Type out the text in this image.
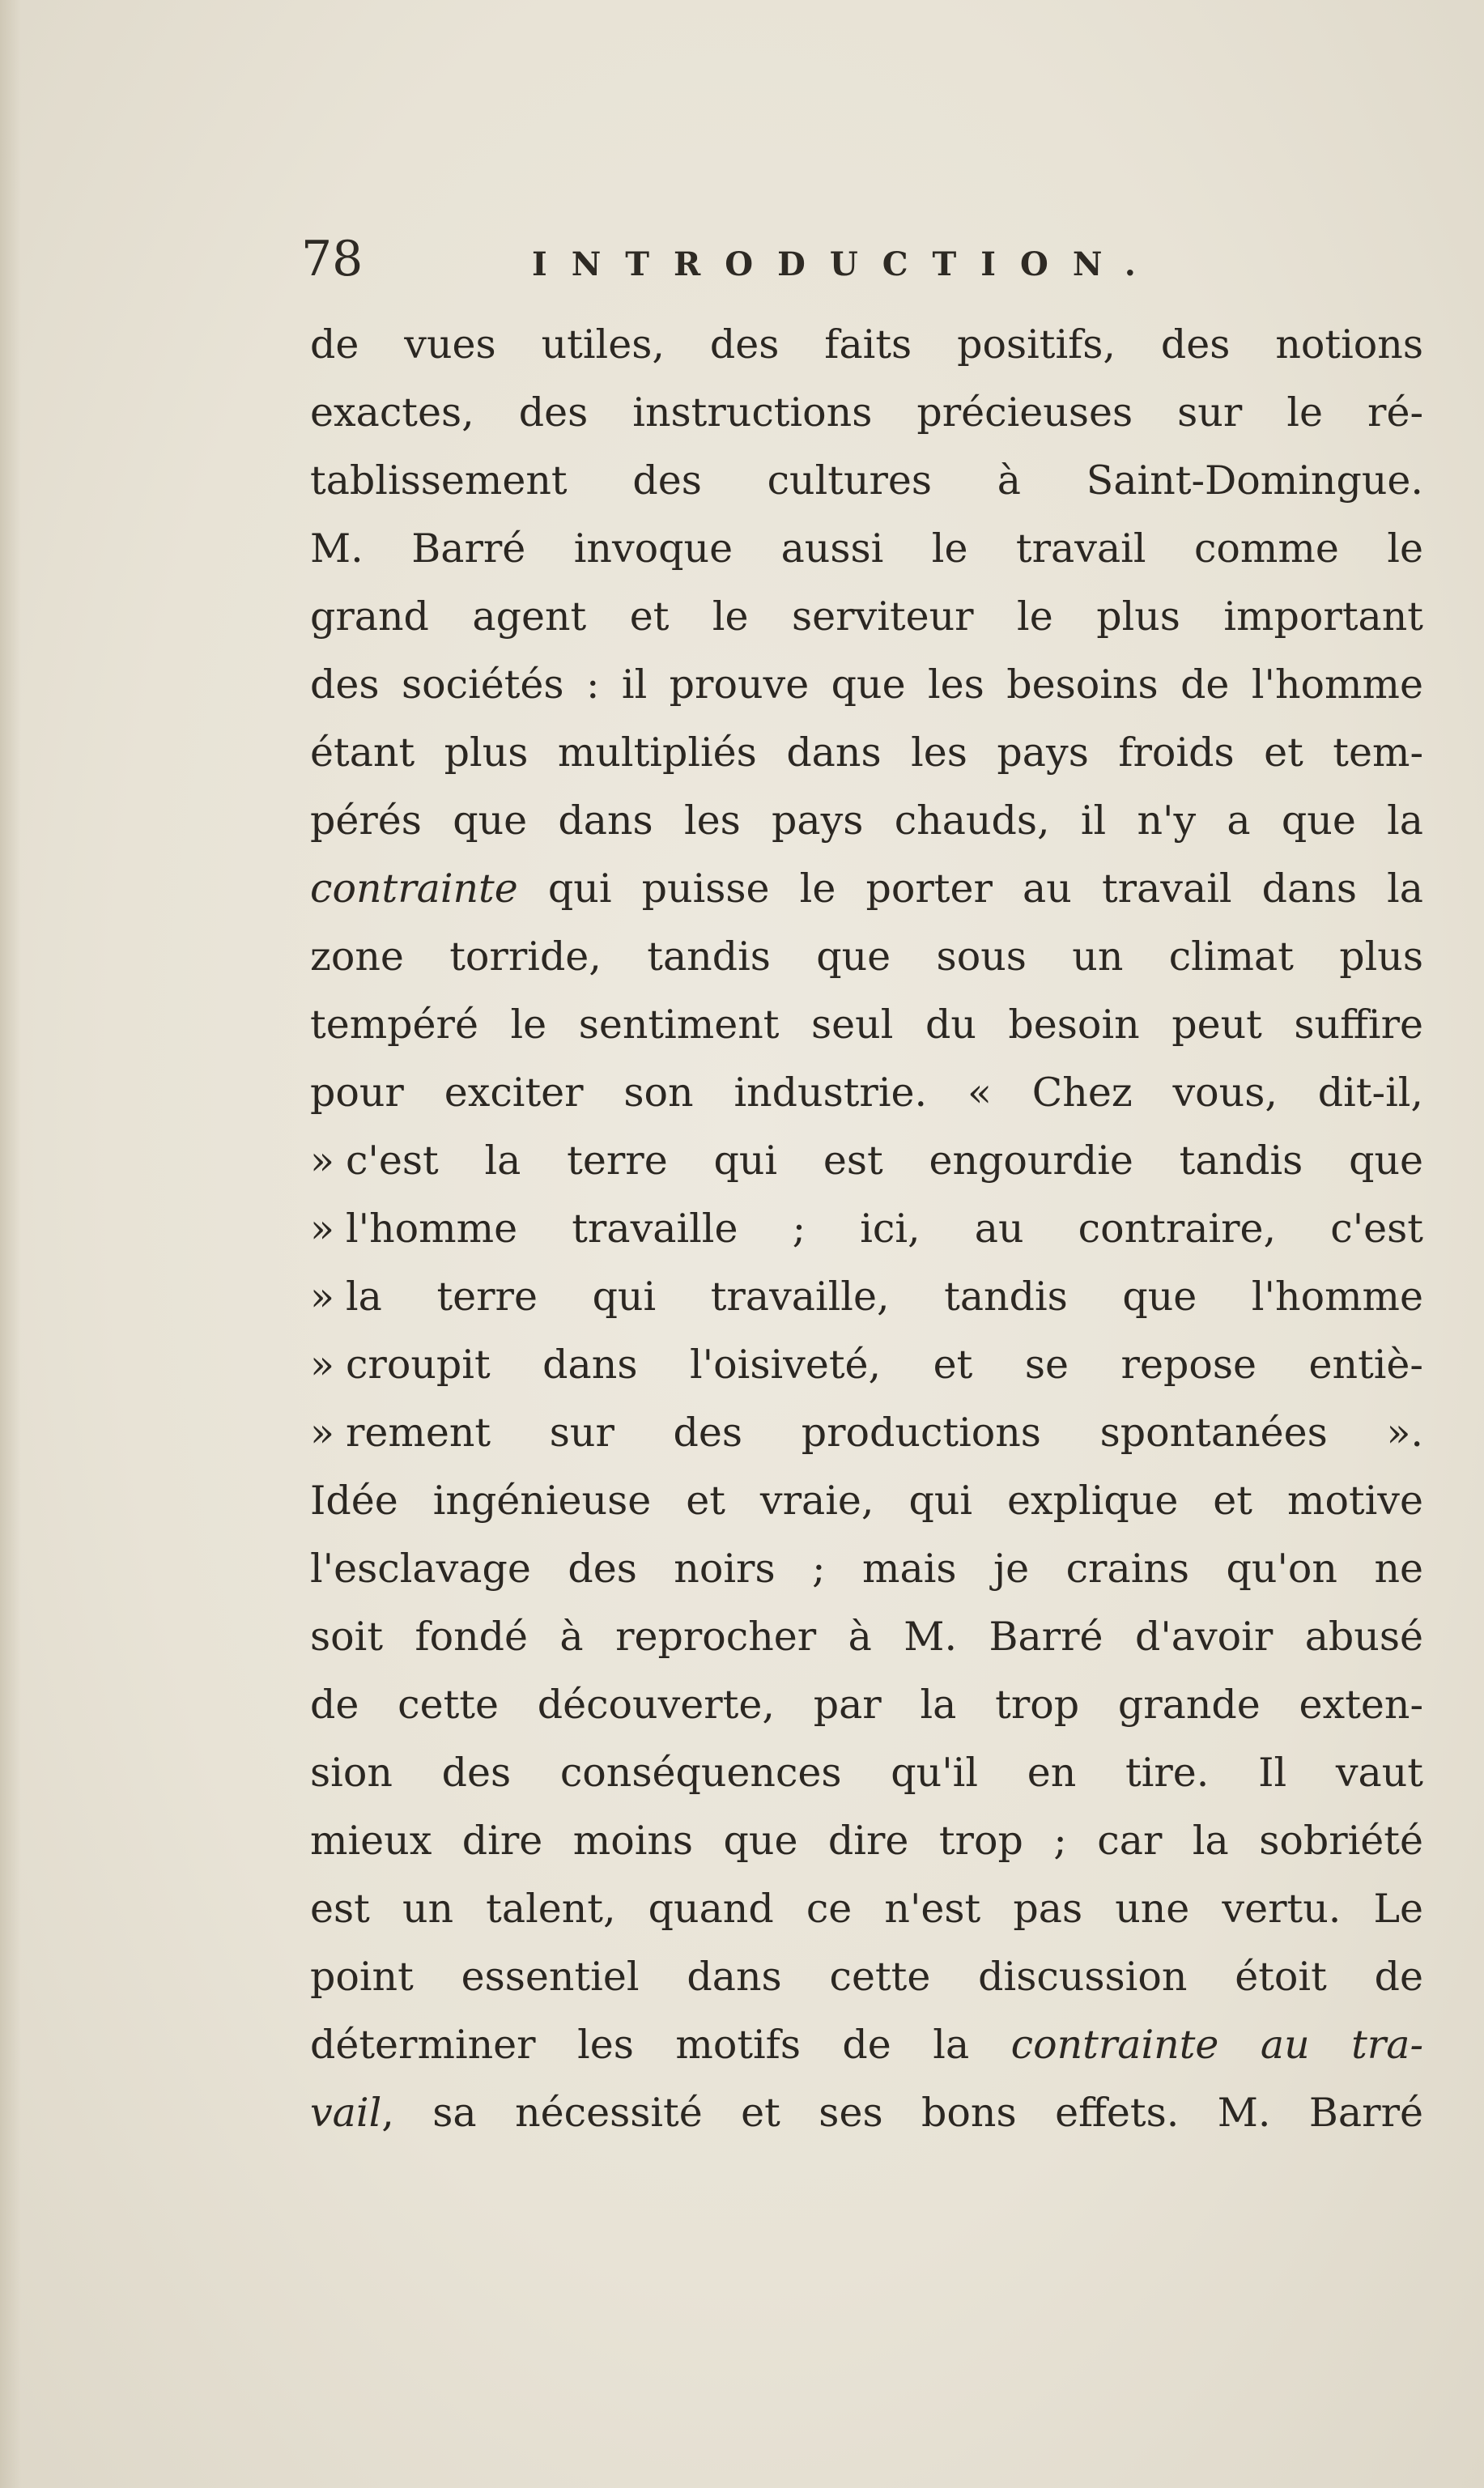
78	INTRODUCTION.
de vues utiles, des faits positifs, des notions
exactes, des instructions précieuses sur le ré-
tablissement des cultures à Saint-Domingue.
M. Barré invoque aussi le travail comme le
grand agent et le serviteur le plus important
des sociétés : il prouve que les besoins de l'homme
étant plus multipliés dans les pays froids et tem-
pérés que dans les pays chauds, il n'y a que la
contrainte qui puisse le porter au travail dans la
zone torride, tandis que sous un climat plus
tempéré le sentiment seul du besoin peut suffire
pour exciter son industrie. « Chez vous, dit-il,
» c'est la terre qui est engourdie tandis que
» l'homme travaille ; ici, au contraire, c'est
» la terre qui travaille, tandis que l'homme
» croupit dans l'oisiveté, et se repose entiè-
» rement sur des productions spontanées ».
Idée ingénieuse et vraie, qui explique et motive
l'esclavage des noirs ; mais je crains qu'on ne
soit fondé à reprocher à M. Barré d'avoir abusé
de cette découverte, par la trop grande exten-
sion des conséquences qu'il en tire. Il vaut
mieux dire moins que dire trop ; car la sobriété
est un talent, quand ce n'est pas une vertu. Le
point essentiel dans cette discussion étoit de
déterminer les motifs de la contrainte au tra-
vail, sa nécessité et ses bons effets. M. Barré
